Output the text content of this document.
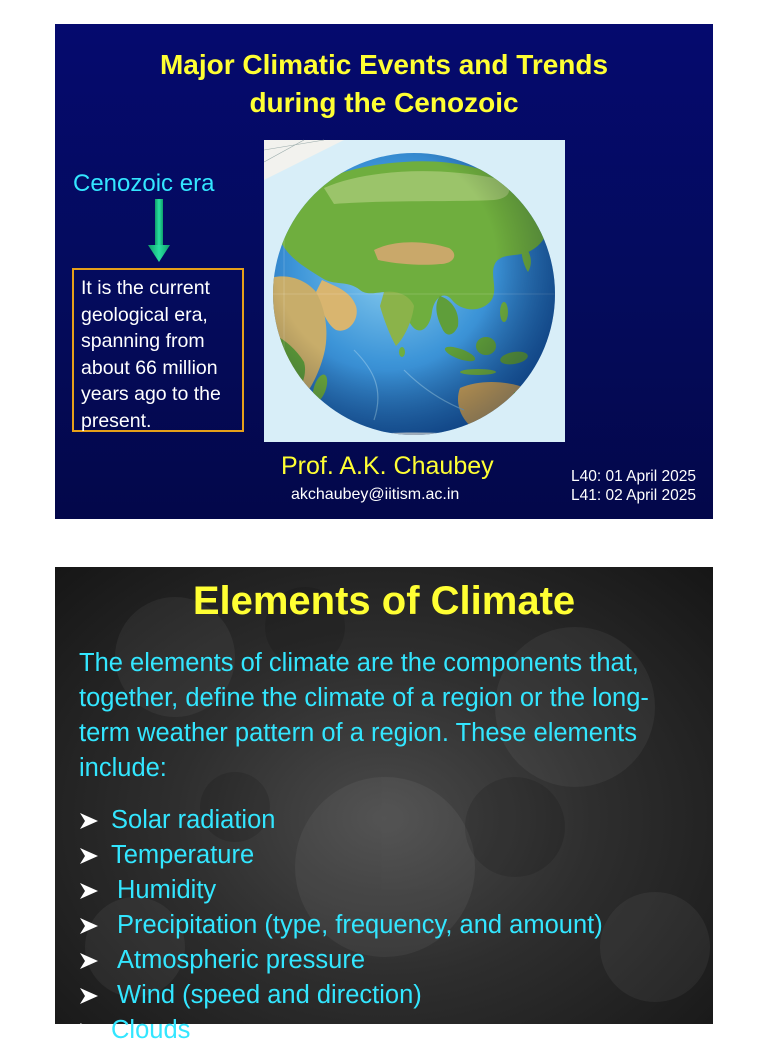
Major Climatic Events and Trends
during the Cenozoic
Cenozoic era
It is the current geological era, spanning from about 66 million years ago to the present.
Prof. A.K. Chaubey
akchaubey@iitism.ac.in
L40: 01 April 2025
L41: 02 April 2025
Elements of Climate
The elements of climate are the components that, together, define the climate of a region or the long-term weather pattern of a region. These elements include:
Solar radiation
Temperature
Humidity
Precipitation (type, frequency, and amount)
Atmospheric pressure
Wind (speed and direction)
Clouds
